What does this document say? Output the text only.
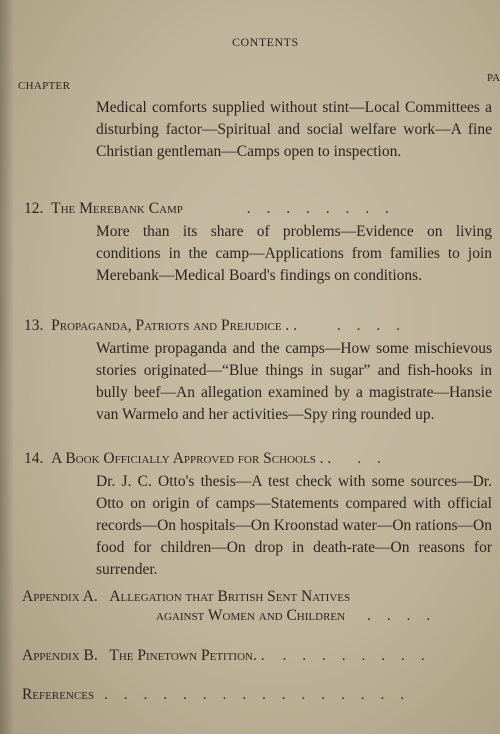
CONTENTS
CHAPTER
PA
Medical comforts supplied without stint—Local Committees a disturbing factor—Spiritual and social welfare work—A fine Christian gentleman—Camps open to inspection.
12. The Merebank Camp	. . . . . . . .
More than its share of problems—Evidence on living conditions in the camp—Applications from families to join Merebank—Medical Board's findings on conditions.
13. Propaganda, Patriots and Prejudice . .	. . . .
Wartime propaganda and the camps—How some mischievous stories originated—“Blue things in sugar” and fish-hooks in bully beef—An allegation examined by a magistrate—Hansie van Warmelo and her activities—Spy ring rounded up.
14. A Book Officially Approved for Schools . . . .
Dr. J. C. Otto's thesis—A test check with some sources—Dr. Otto on origin of camps—Statements compared with official records—On hospitals—On Kroonstad water—On rations—On food for children—On drop in death-rate—On reasons for surrender.
Appendix A. Allegation that British Sent Natives
against Women and Children . . . .
Appendix B. The Pinetown Petition. . . . . . . . . .
References . . . . . . . . . . . . . . . .
